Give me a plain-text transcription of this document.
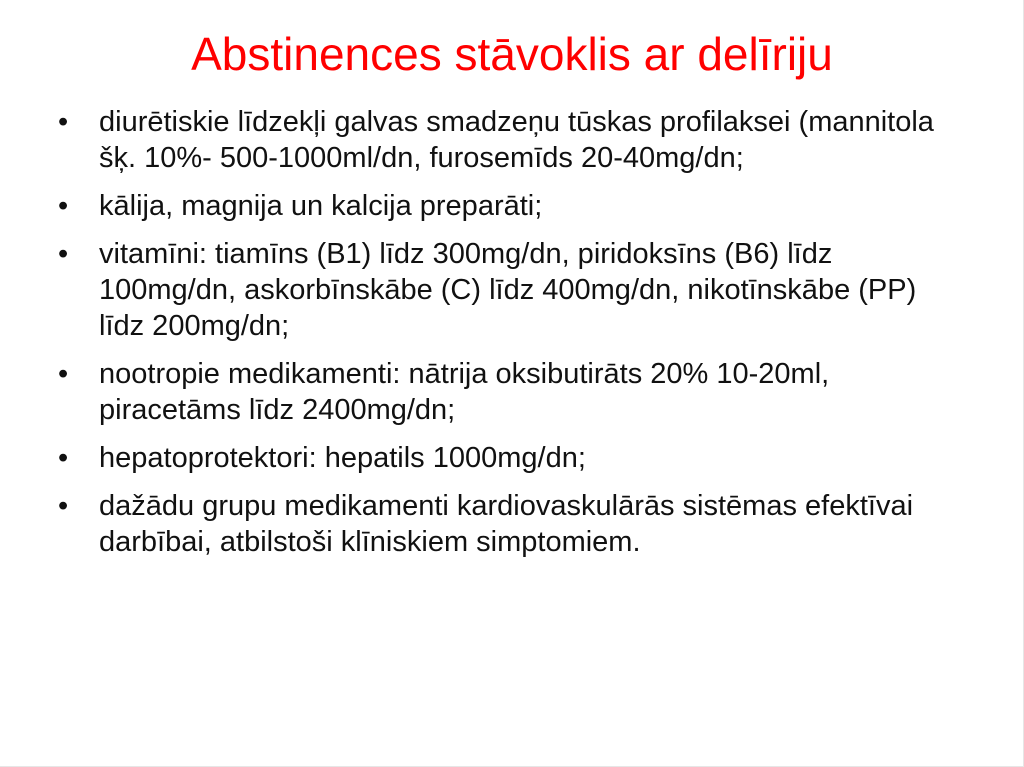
Abstinences stāvoklis ar delīriju
•	diurētiskie līdzekļi galvas smadzeņu tūskas profilaksei (mannitola šķ. 10%- 500-1000ml/dn, furosemīds 20-40mg/dn;
•	kālija, magnija un kalcija preparāti;
•	vitamīni: tiamīns (B1) līdz 300mg/dn, piridoksīns (B6) līdz 100mg/dn, askorbīnskābe (C) līdz 400mg/dn, nikotīnskābe (PP) līdz 200mg/dn;
•	nootropie medikamenti: nātrija oksibutirāts 20% 10-20ml, piracetāms līdz 2400mg/dn;
•	hepatoprotektori: hepatils 1000mg/dn;
•	dažādu grupu medikamenti kardiovaskulārās sistēmas efektīvai darbībai, atbilstoši klīniskiem simptomiem.
